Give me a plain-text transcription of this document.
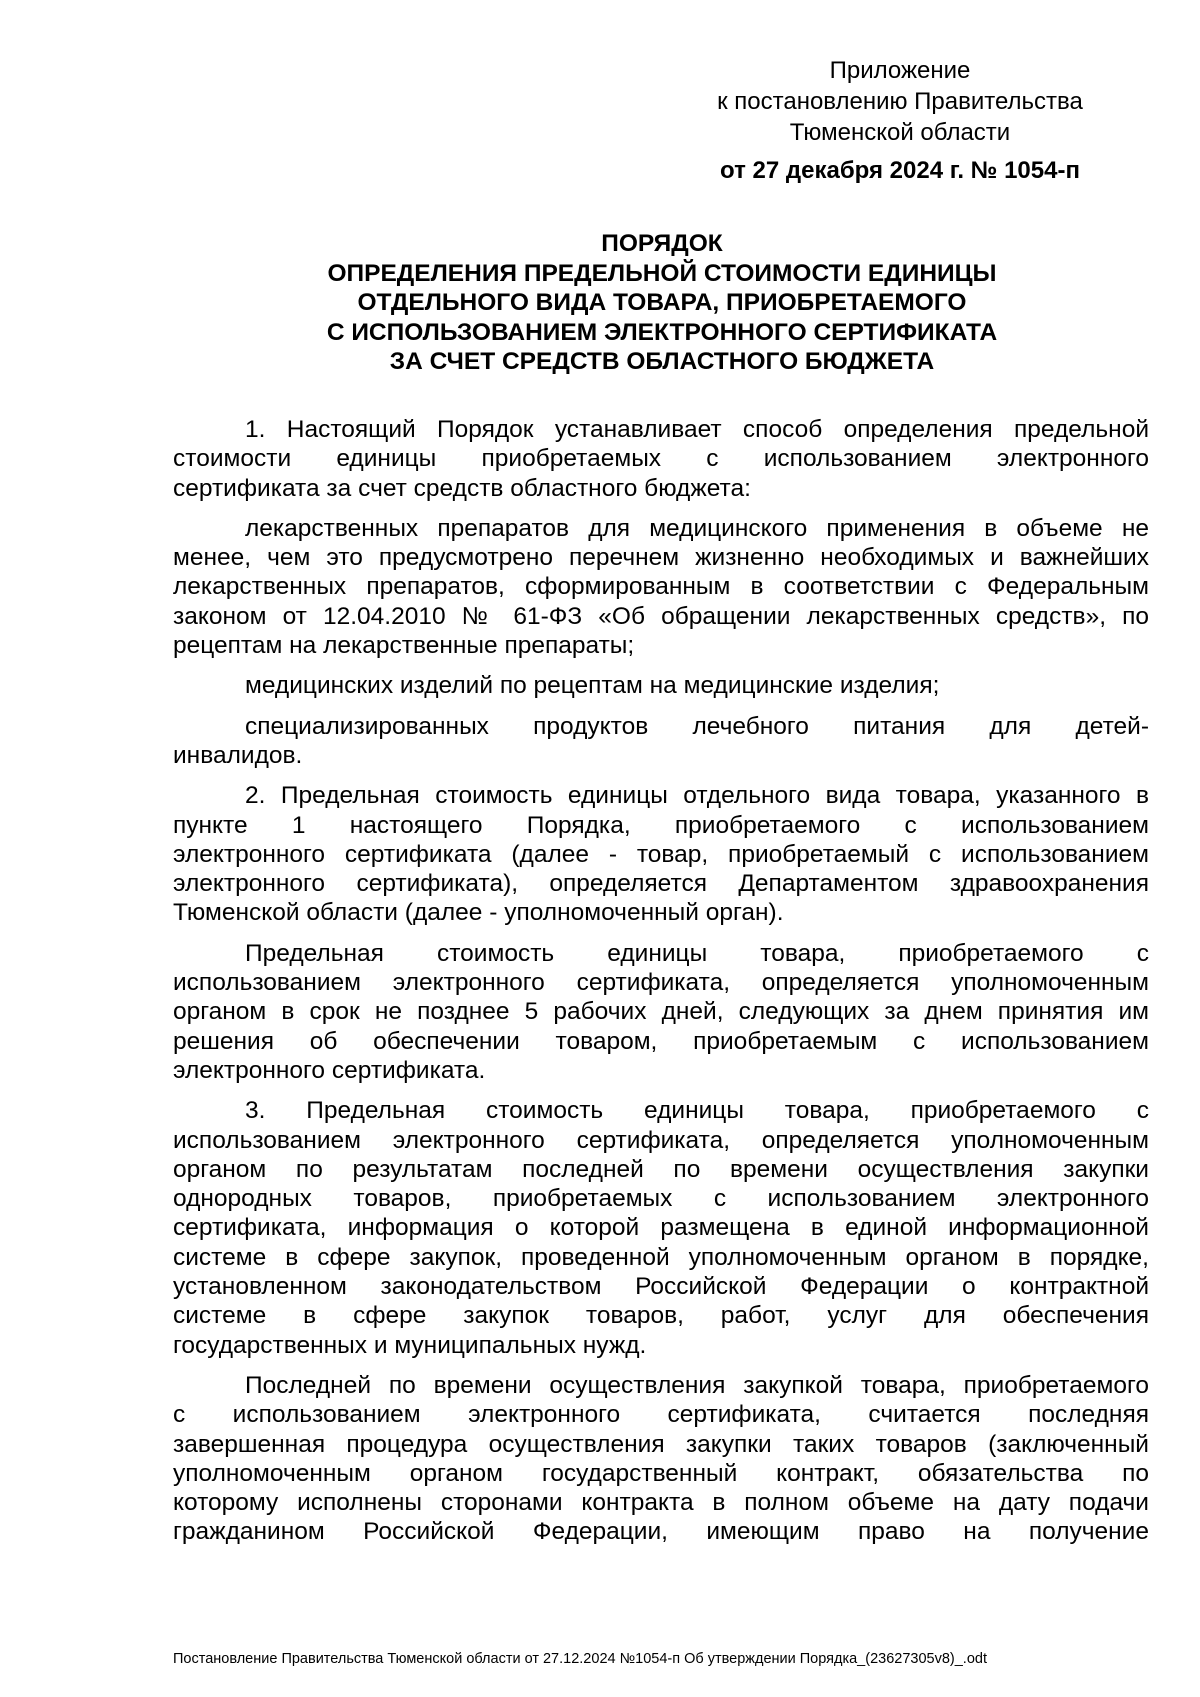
Приложение
к постановлению Правительства
Тюменской области
от 27 декабря 2024 г. № 1054-п
ПОРЯДОК
ОПРЕДЕЛЕНИЯ ПРЕДЕЛЬНОЙ СТОИМОСТИ ЕДИНИЦЫ
ОТДЕЛЬНОГО ВИДА ТОВАРА, ПРИОБРЕТАЕМОГО
С ИСПОЛЬЗОВАНИЕМ ЭЛЕКТРОННОГО СЕРТИФИКАТА
ЗА СЧЕТ СРЕДСТВ ОБЛАСТНОГО БЮДЖЕТА
1. Настоящий Порядок устанавливает способ определения предельной
стоимости единицы приобретаемых с использованием электронного
сертификата за счет средств областного бюджета:
лекарственных препаратов для медицинского применения в объеме не
менее, чем это предусмотрено перечнем жизненно необходимых и важнейших
лекарственных препаратов, сформированным в соответствии с Федеральным
законом от 12.04.2010 № 61-ФЗ «Об обращении лекарственных средств», по
рецептам на лекарственные препараты;
медицинских изделий по рецептам на медицинские изделия;
специализированных продуктов лечебного питания для детей-
инвалидов.
2. Предельная стоимость единицы отдельного вида товара, указанного в
пункте 1 настоящего Порядка, приобретаемого с использованием
электронного сертификата (далее - товар, приобретаемый с использованием
электронного сертификата), определяется Департаментом здравоохранения
Тюменской области (далее - уполномоченный орган).
Предельная стоимость единицы товара, приобретаемого с
использованием электронного сертификата, определяется уполномоченным
органом в срок не позднее 5 рабочих дней, следующих за днем принятия им
решения об обеспечении товаром, приобретаемым с использованием
электронного сертификата.
3. Предельная стоимость единицы товара, приобретаемого с
использованием электронного сертификата, определяется уполномоченным
органом по результатам последней по времени осуществления закупки
однородных товаров, приобретаемых с использованием электронного
сертификата, информация о которой размещена в единой информационной
системе в сфере закупок, проведенной уполномоченным органом в порядке,
установленном законодательством Российской Федерации о контрактной
системе в сфере закупок товаров, работ, услуг для обеспечения
государственных и муниципальных нужд.
Последней по времени осуществления закупкой товара, приобретаемого
с использованием электронного сертификата, считается последняя
завершенная процедура осуществления закупки таких товаров (заключенный
уполномоченным органом государственный контракт, обязательства по
которому исполнены сторонами контракта в полном объеме на дату подачи
гражданином Российской Федерации, имеющим право на получение
Постановление Правительства Тюменской области от 27.12.2024 №1054-п Об утверждении Порядка_(23627305v8)_.odt
